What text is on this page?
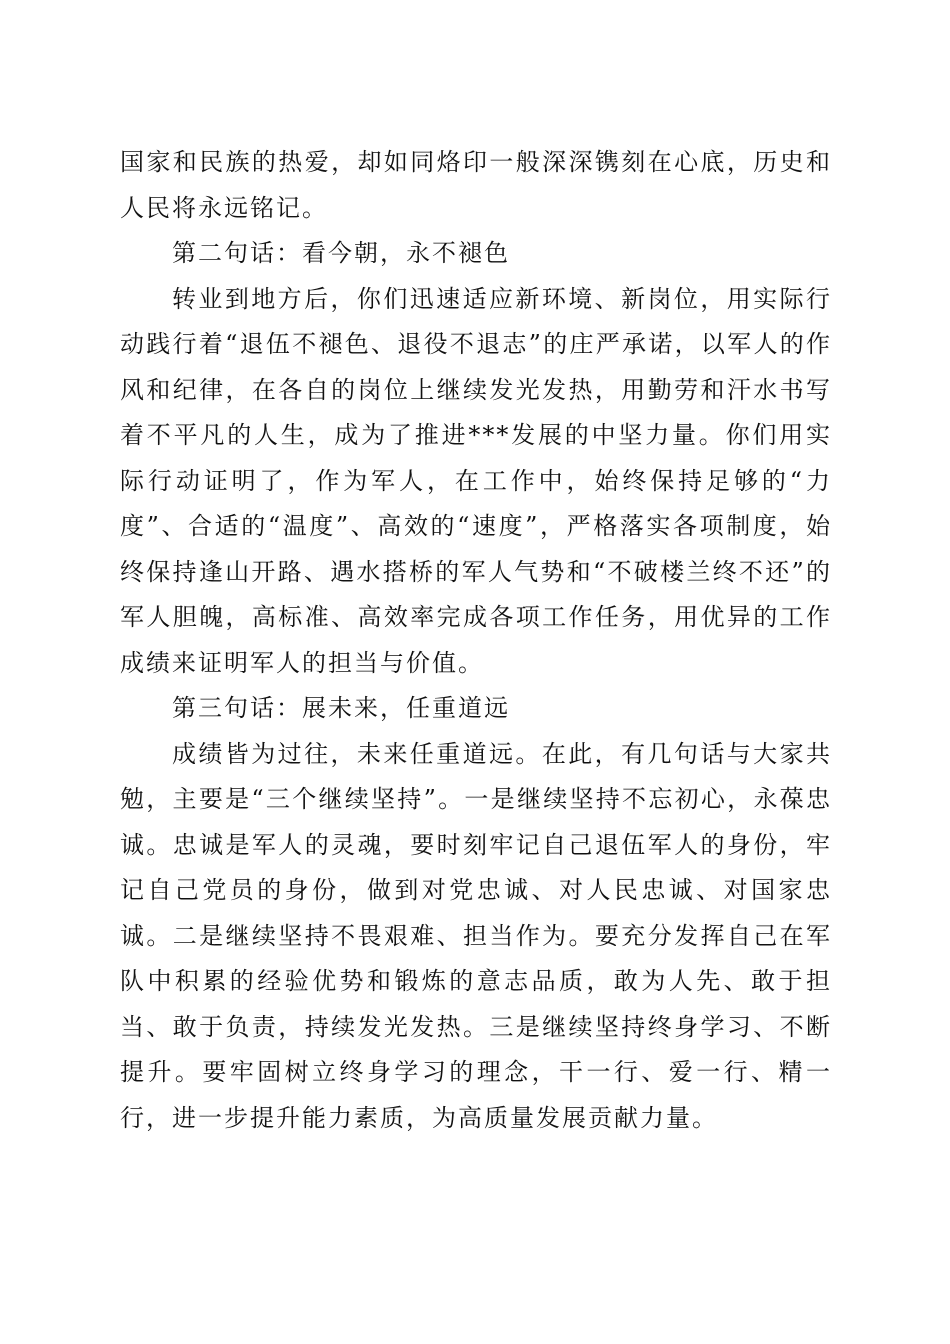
国家和民族的热爱，却如同烙印一般深深镌刻在心底，历史和人民将永远铭记。

第二句话：看今朝，永不褪色

转业到地方后，你们迅速适应新环境、新岗位，用实际行动践行着“退伍不褪色、退役不退志”的庄严承诺，以军人的作风和纪律，在各自的岗位上继续发光发热，用勤劳和汗水书写着不平凡的人生，成为了推进***发展的中坚力量。你们用实际行动证明了，作为军人，在工作中，始终保持足够的“力度”、合适的“温度”、高效的“速度”，严格落实各项制度，始终保持逢山开路、遇水搭桥的军人气势和“不破楼兰终不还”的军人胆魄，高标准、高效率完成各项工作任务，用优异的工作成绩来证明军人的担当与价值。

第三句话：展未来，任重道远

成绩皆为过往，未来任重道远。在此，有几句话与大家共勉，主要是“三个继续坚持”。一是继续坚持不忘初心，永葆忠诚。忠诚是军人的灵魂，要时刻牢记自己退伍军人的身份，牢记自己党员的身份，做到对党忠诚、对人民忠诚、对国家忠诚。二是继续坚持不畏艰难、担当作为。要充分发挥自己在军队中积累的经验优势和锻炼的意志品质，敢为人先、敢于担当、敢于负责，持续发光发热。三是继续坚持终身学习、不断提升。要牢固树立终身学习的理念，干一行、爱一行、精一行，进一步提升能力素质，为高质量发展贡献力量。
